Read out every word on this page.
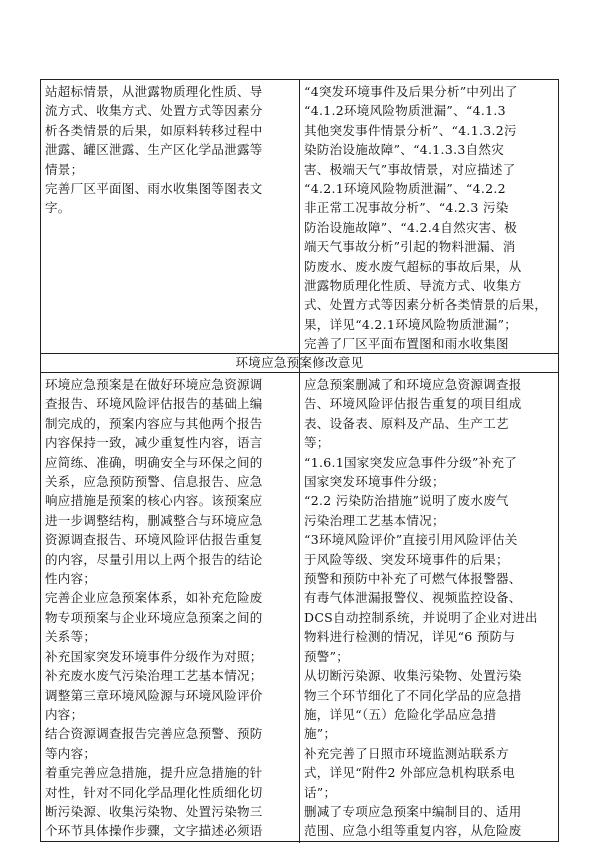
站超标情景，从泄露物质理化性质、导

流方式、收集方式、处置方式等因素分

析各类情景的后果，如原料转移过程中

泄露、罐区泄露、生产区化学品泄露等

情景；

完善厂区平面图、雨水收集图等图表文

字。

“4突发环境事件及后果分析”中列出了

“4.1.2环境风险物质泄漏”、“4.1.3

其他突发事件情景分析”、“4.1.3.2污

染防治设施故障”、“4.1.3.3自然灾

害、极端天气”事故情景，对应描述了

“4.2.1环境风险物质泄漏”、“4.2.2

非正常工况事故分析”、“4.2.3 污染

防治设施故障”、“4.2.4自然灾害、极

端天气事故分析”引起的物料泄漏、消

防废水、废水废气超标的事故后果，从

泄露物质理化性质、导流方式、收集方

式、处置方式等因素分析各类情景的后果，

果，详见“4.2.1环境风险物质泄漏”；

完善了厂区平面布置图和雨水收集图

环境应急预案修改意见

环境应急预案是在做好环境应急资源调

查报告、环境风险评估报告的基础上编

制完成的，预案内容应与其他两个报告

内容保持一致，减少重复性内容，语言

应简练、准确，明确安全与环保之间的

关系，应急预防预警、信息报告、应急

响应措施是预案的核心内容。该预案应

进一步调整结构，删减整合与环境应急

资源调查报告、环境风险评估报告重复

的内容，尽量引用以上两个报告的结论

性内容；

完善企业应急预案体系，如补充危险废

物专项预案与企业环境应急预案之间的

关系等；

补充国家突发环境事件分级作为对照；

补充废水废气污染治理工艺基本情况；

调整第三章环境风险源与环境风险评价

内容；

结合资源调查报告完善应急预警、预防

等内容；

着重完善应急措施，提升应急措施的针

对性，针对不同化学品理化性质细化切

断污染源、收集污染物、处置污染物三

个环节具体操作步骤，文字描述必须语

应急预案删减了和环境应急资源调查报

告、环境风险评估报告重复的项目组成

表、设备表、原料及产品、生产工艺

等；

“1.6.1国家突发应急事件分级”补充了

国家突发环境事件分级；

“2.2 污染防治措施”说明了废水废气

污染治理工艺基本情况；

“3环境风险评价”直接引用风险评估关

于风险等级、突发环境事件的后果；

预警和预防中补充了可燃气体报警器、

有毒气体泄漏报警仪、视频监控设备、

DCS自动控制系统，并说明了企业对进出

物料进行检测的情况，详见“6 预防与

预警”；

从切断污染源、收集污染物、处置污染

物三个环节细化了不同化学品的应急措

施，详见“（五）危险化学品应急措

施”；

补充完善了日照市环境监测站联系方

式，详见“附件2 外部应急机构联系电

话”；

删减了专项应急预案中编制目的、适用

范围、应急小组等重复内容，从危险废
